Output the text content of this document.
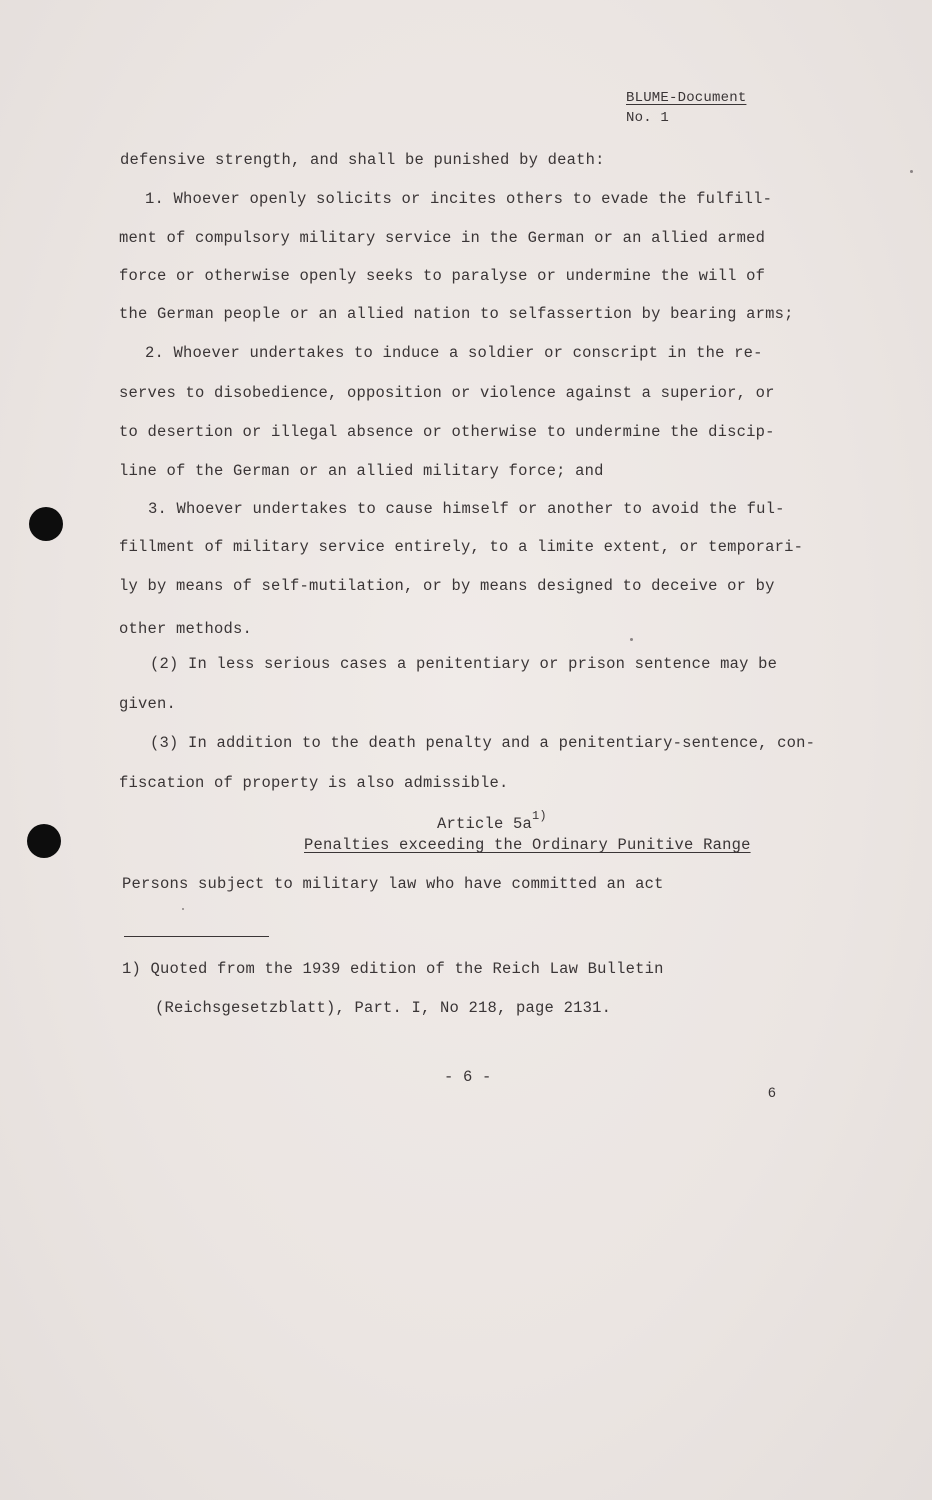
BLUME-Document
No. 1
defensive strength, and shall be punished by death:
1. Whoever openly solicits or incites others to evade the fulfill-
ment of compulsory military service in the German or an allied armed
force or otherwise openly seeks to paralyse or undermine the will of
the German people or an allied nation to selfassertion by bearing arms;
2. Whoever undertakes to induce a soldier or conscript in the re-
serves to disobedience, opposition or violence against a superior, or
to desertion or illegal absence or otherwise to undermine the discip-
line of the German or an allied military force; and
3. Whoever undertakes to cause himself or another to avoid the ful-
fillment of military service entirely, to a limite extent, or temporari-
ly by means of self-mutilation, or by means designed to deceive or by
other methods.
(2) In less serious cases a penitentiary or prison sentence may be
given.
(3) In addition to the death penalty and a penitentiary-sentence, con-
fiscation of property is also admissible.
Article $5a^{1)}$
Penalties exceeding the Ordinary Punitive Range
Persons subject to military law who have committed an act
1) Quoted from the 1939 edition of the Reich Law Bulletin
(Reichsgesetzblatt), Part. I, No 218, page 2131.
- 6 -
6
